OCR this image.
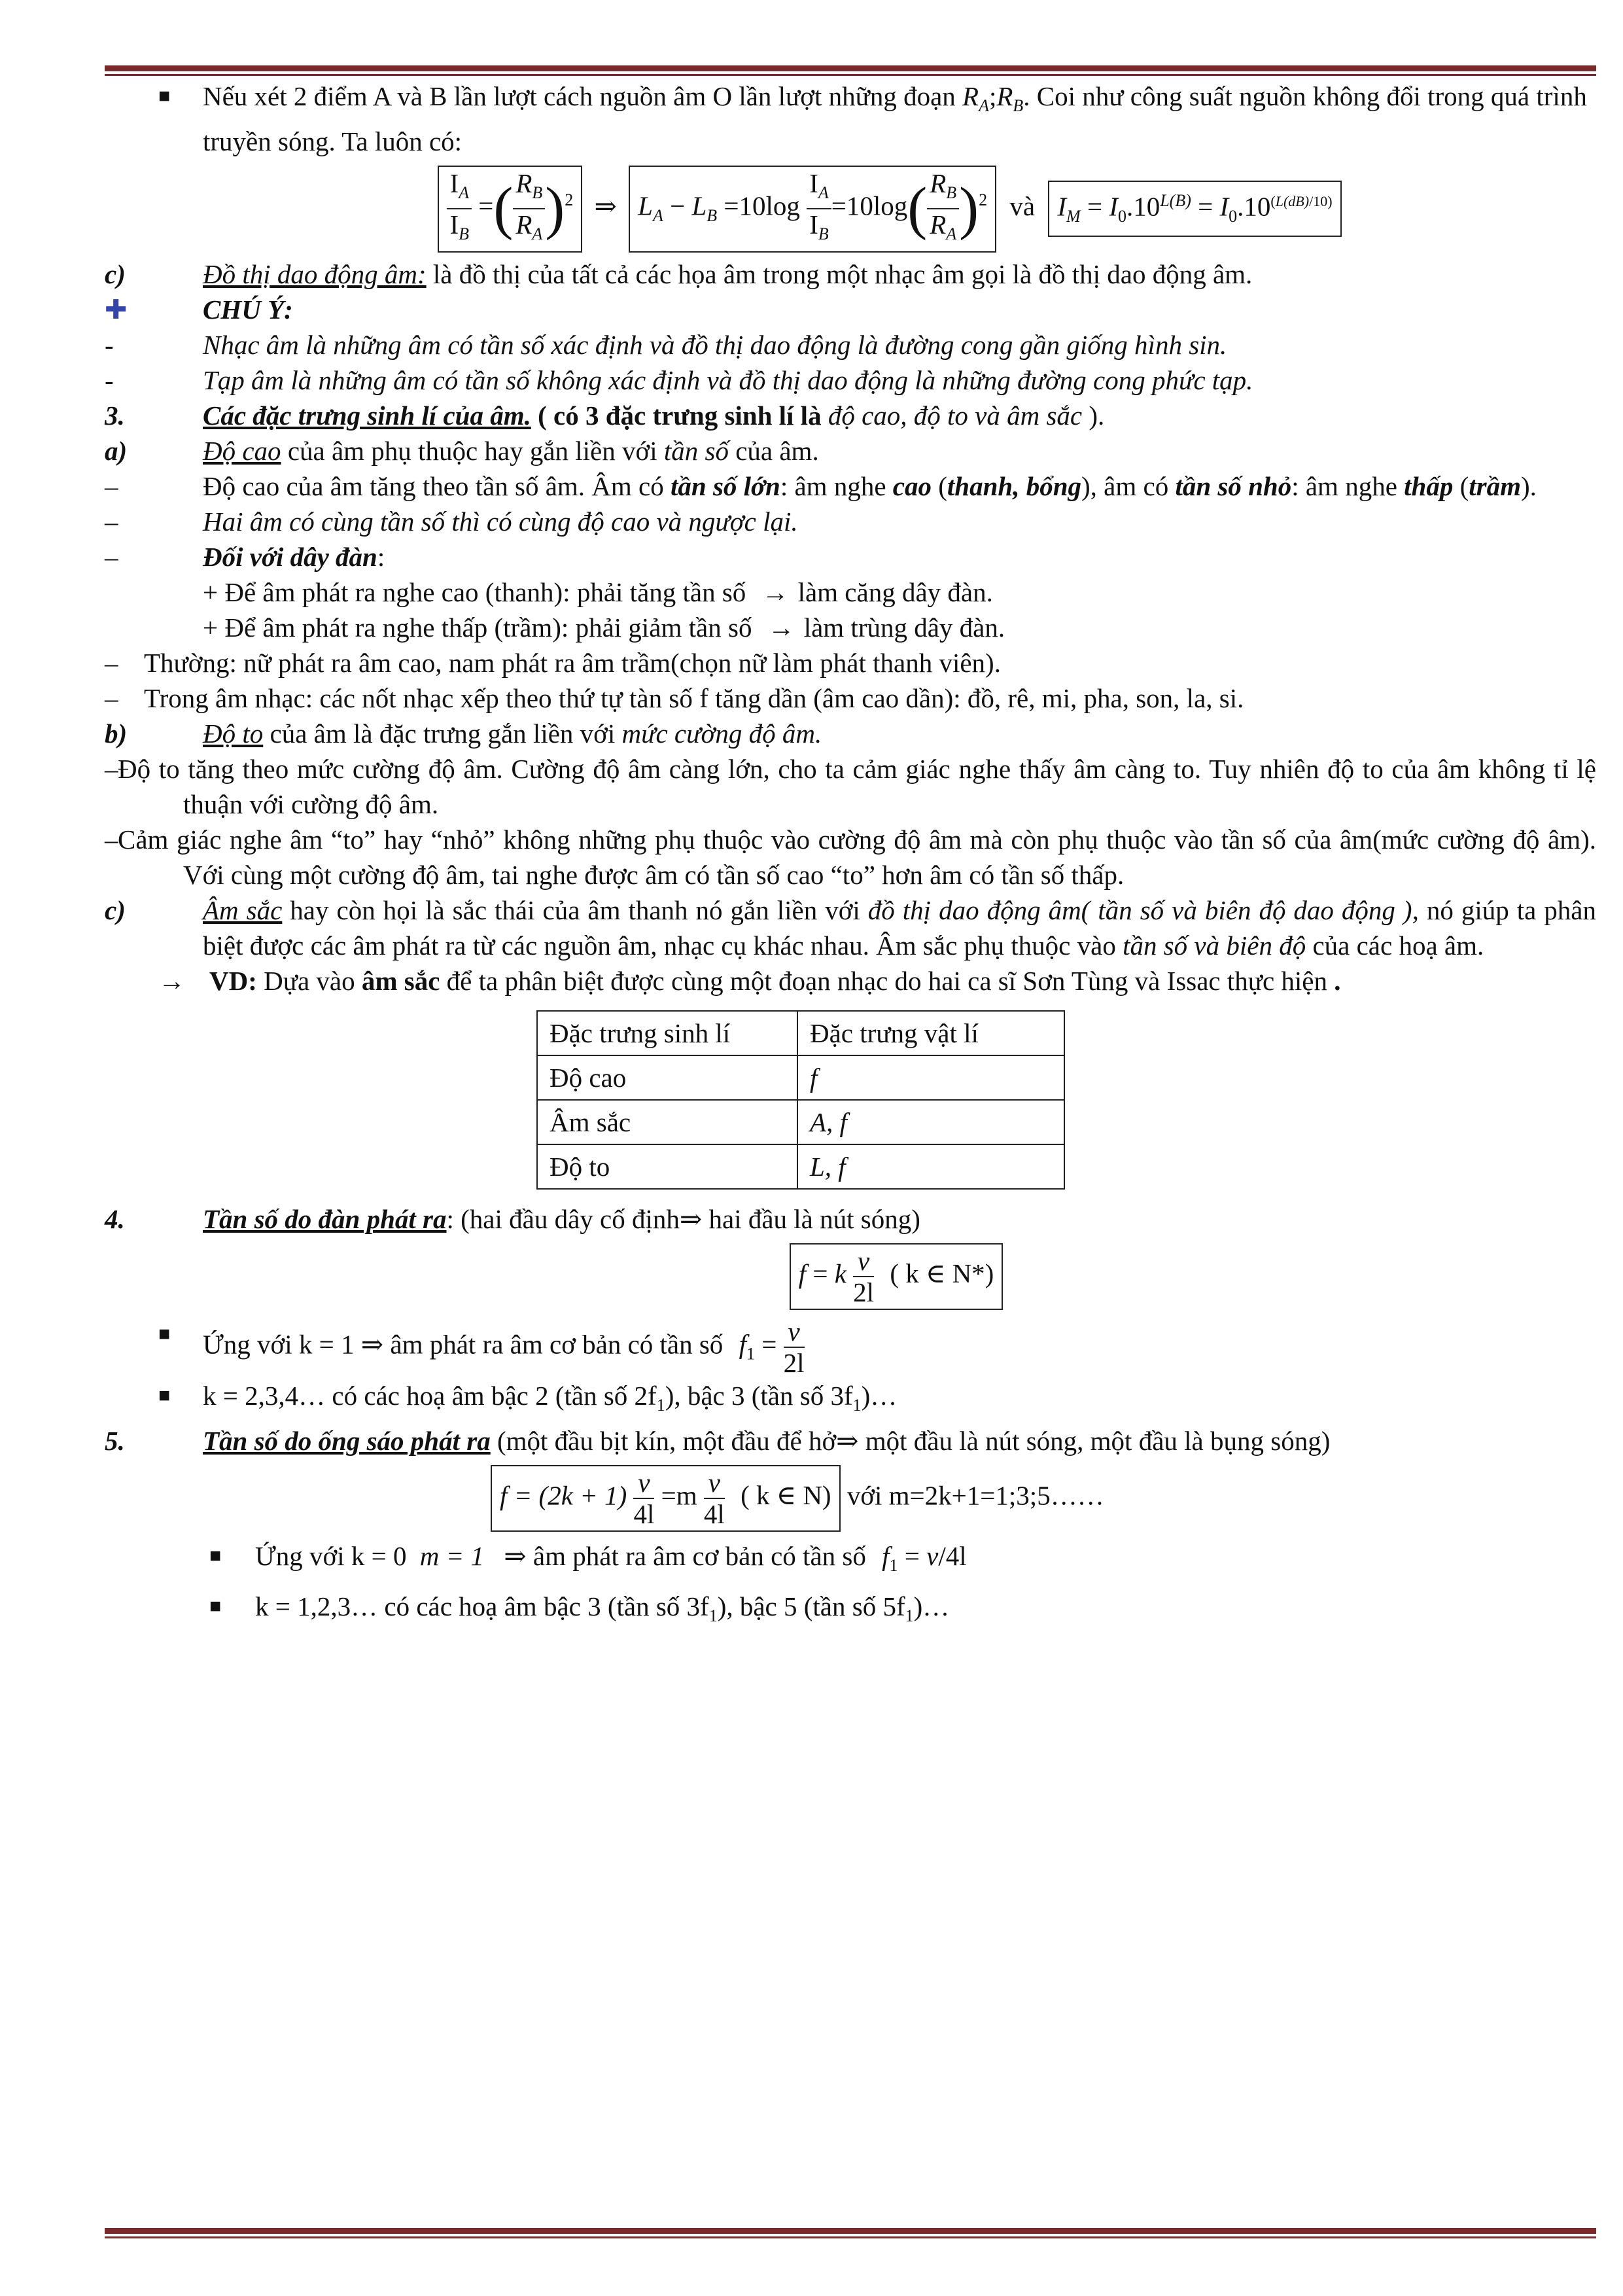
■ Nếu xét 2 điểm A và B lần lượt cách nguồn âm O lần lượt những đoạn $R_A;R_B$. Coi như công suất nguồn không đổi trong quá trình truyền sóng. Ta luôn có:
$\frac{I_A}{I_B}$ =( $\frac{R_B}{R_A} )^2$ ⇒ $L_A - L_B =10\log \frac{I_A}{I_B} =10\log( \frac{R_B}{R_A} )^2$ và $I_M = I_0.10^{L(B)} = I_0.10^{(L(dB)/10)}$
c)	Đồ thị dao động âm: là đồ thị của tất cả các họa âm trong một nhạc âm gọi là đồ thị dao động âm.
✚	CHÚ Ý:
-	Nhạc âm là những âm có tần số xác định và đồ thị dao động là đường cong gần giống hình sin.
-	Tạp âm là những âm có tần số không xác định và đồ thị dao động là những đường cong phức tạp.
3.	Các đặc trưng sinh lí của âm. ( có 3 đặc trưng sinh lí là độ cao, độ to và âm sắc ).
a)	Độ cao của âm phụ thuộc hay gắn liền với tần số của âm.
–	Độ cao của âm tăng theo tần số âm. Âm có tần số lớn: âm nghe cao (thanh, bổng), âm có tần số nhỏ: âm nghe thấp (trầm).
–	Hai âm có cùng tần số thì có cùng độ cao và ngược lại.
–	Đối với dây đàn:
+ Để âm phát ra nghe cao (thanh): phải tăng tần số → làm căng dây đàn.
+ Để âm phát ra nghe thấp (trầm): phải giảm tần số → làm trùng dây đàn.
– Thường: nữ phát ra âm cao, nam phát ra âm trầm(chọn nữ làm phát thanh viên).
– Trong âm nhạc: các nốt nhạc xếp theo thứ tự tàn số f tăng dần (âm cao dần): đồ, rê, mi, pha, son, la, si.
b)	Độ to của âm là đặc trưng gắn liền với mức cường độ âm.
–Độ to tăng theo mức cường độ âm. Cường độ âm càng lớn, cho ta cảm giác nghe thấy âm càng to. Tuy nhiên độ to của âm không tỉ lệ thuận với cường độ âm.
–Cảm giác nghe âm “to” hay “nhỏ” không những phụ thuộc vào cường độ âm mà còn phụ thuộc vào tần số của âm(mức cường độ âm). Với cùng một cường độ âm, tai nghe được âm có tần số cao “to” hơn âm có tần số thấp.
c)	Âm sắc hay còn họi là sắc thái của âm thanh nó gắn liền với đồ thị dao động âm( tần số và biên độ dao động ), nó giúp ta phân biệt được các âm phát ra từ các nguồn âm, nhạc cụ khác nhau. Âm sắc phụ thuộc vào tần số và biên độ của các hoạ âm.
→ VD: Dựa vào âm sắc để ta phân biệt được cùng một đoạn nhạc do hai ca sĩ Sơn Tùng và Issac thực hiện .
Đặc trưng sinh lí	Đặc trưng vật lí
Độ cao	f
Âm sắc	A, f
Độ to	L, f
4.	Tần số do đàn phát ra: (hai đầu dây cố định⇒ hai đầu là nút sóng)
f = k $\frac{v}{2l}$ ( k ∈ N*)
■ Ứng với k = 1 ⇒ âm phát ra âm cơ bản có tần số $f_1 = \frac{v}{2l}$
■ k = 2,3,4… có các hoạ âm bậc 2 (tần số $2f_1$), bậc 3 (tần số $3f_1)\dots$
5.	Tần số do ống sáo phát ra (một đầu bịt kín, một đầu để hở⇒ một đầu là nút sóng, một đầu là bụng sóng)
$f = (2k + 1) \frac{v}{4l} =m \frac{v}{4l}$ ( k ∈ N) với m=2k+1=1;3;5……
■ Ứng với k = 0 m = 1 ⇒ âm phát ra âm cơ bản có tần số $f_1 = v/4l$
■ k = 1,2,3… có các hoạ âm bậc 3 (tần số $3f_1$), bậc 5 (tần số $5f_1)\dots$
